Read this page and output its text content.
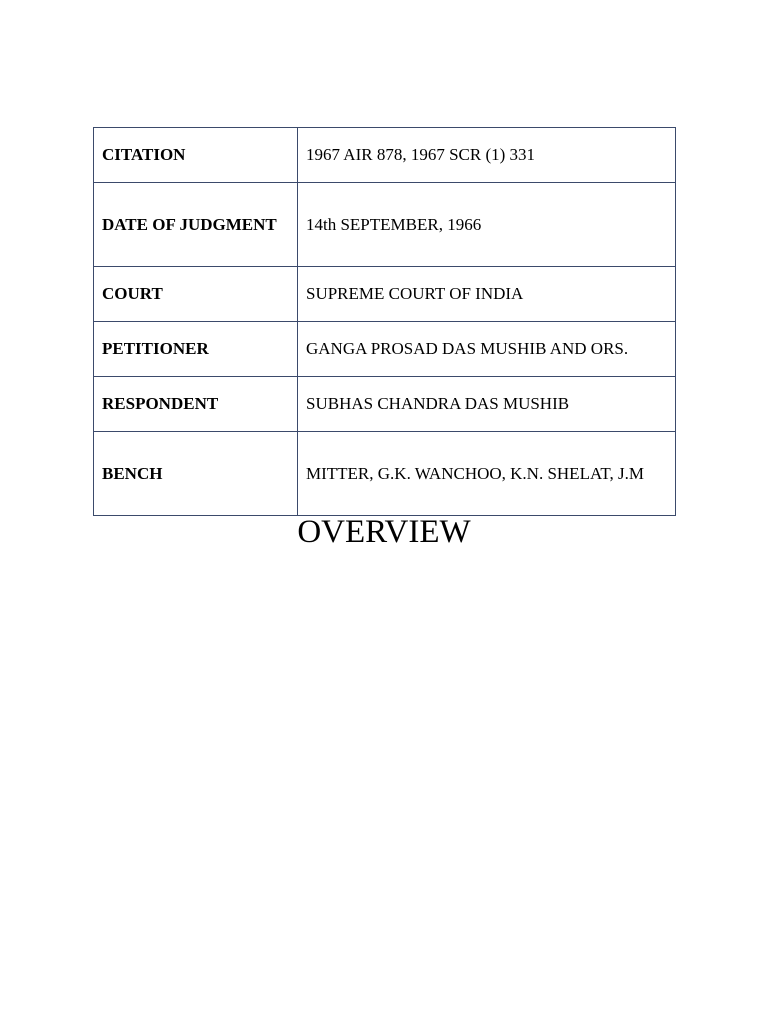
CITATION	1967 AIR 878, 1967 SCR (1) 331
DATE OF JUDGMENT	14th SEPTEMBER, 1966
COURT	SUPREME COURT OF INDIA
PETITIONER	GANGA PROSAD DAS MUSHIB AND ORS.
RESPONDENT	SUBHAS CHANDRA DAS MUSHIB
BENCH	MITTER, G.K. WANCHOO, K.N. SHELAT, J.M
OVERVIEW
